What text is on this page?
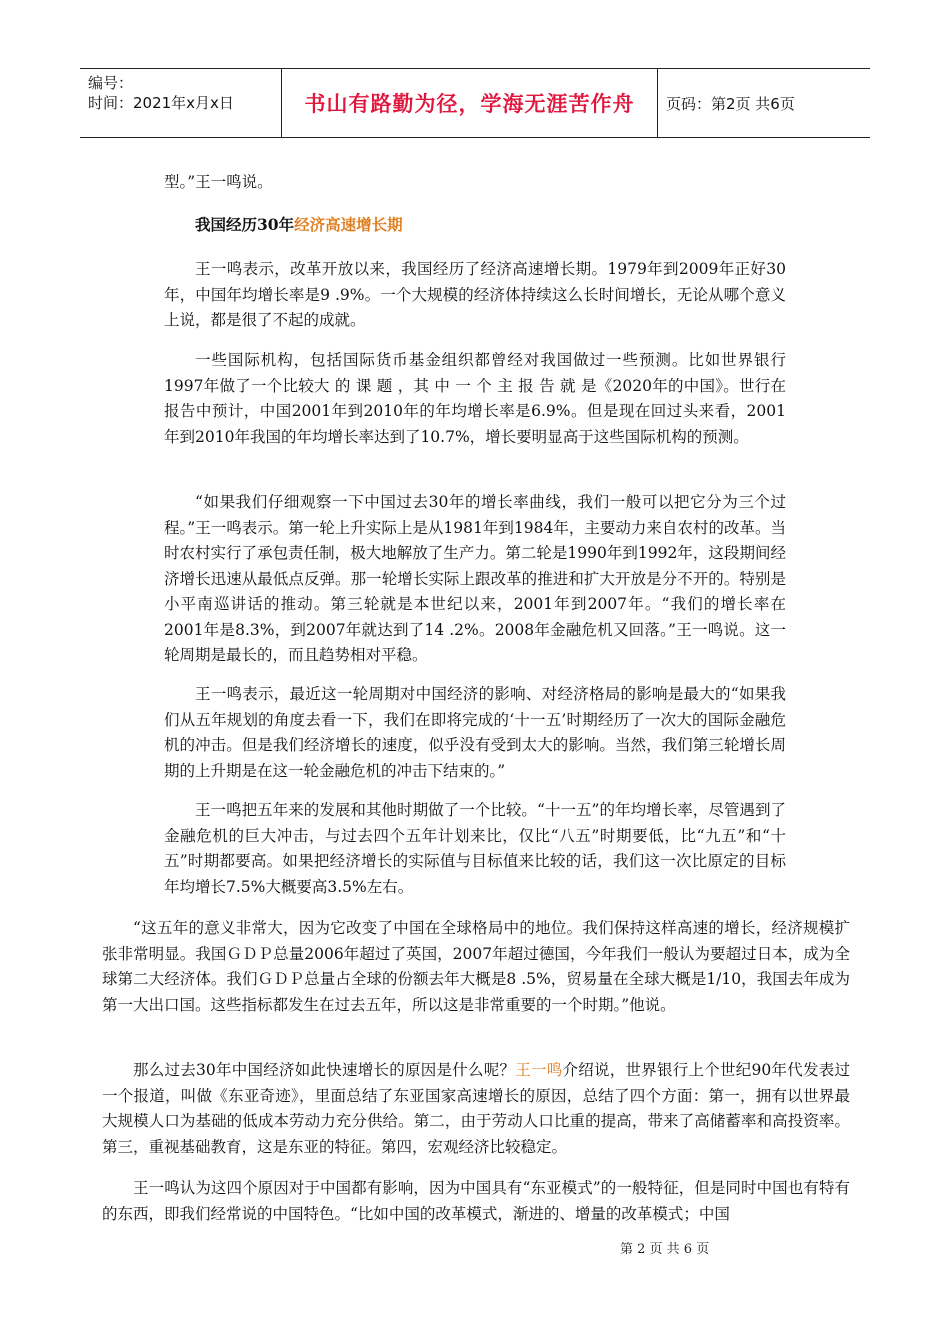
编号：
时间：2021年x月x日	书山有路勤为径，学海无涯苦作舟	页码：第2页 共6页

型。”王一鸣说。

我国经历30年经济高速增长期

王一鸣表示，改革开放以来，我国经历了经济高速增长期。1979年到2009年正好30年，中国年均增长率是9 .9%。一个大规模的经济体持续这么长时间增长，无论从哪个意义上说，都是很了不起的成就。

一些国际机构，包括国际货币基金组织都曾经对我国做过一些预测。比如世界银行1997年做了一个比较大 的 课 题 ，其 中 一 个 主 报 告 就 是《2020年的中国》。世行在报告中预计，中国2001年到2010年的年均增长率是6.9%。但是现在回过头来看，2001年到2010年我国的年均增长率达到了10.7%，增长要明显高于这些国际机构的预测。

“如果我们仔细观察一下中国过去30年的增长率曲线，我们一般可以把它分为三个过程。”王一鸣表示。第一轮上升实际上是从1981年到1984年，主要动力来自农村的改革。当时农村实行了承包责任制，极大地解放了生产力。第二轮是1990年到1992年，这段期间经济增长迅速从最低点反弹。那一轮增长实际上跟改革的推进和扩大开放是分不开的。特别是小平南巡讲话的推动。第三轮就是本世纪以来，2001年到2007年。“我们的增长率在2001年是8.3%，到2007年就达到了14 .2%。2008年金融危机又回落。”王一鸣说。这一轮周期是最长的，而且趋势相对平稳。

王一鸣表示，最近这一轮周期对中国经济的影响、对经济格局的影响是最大的“如果我们从五年规划的角度去看一下，我们在即将完成的‘十一五’时期经历了一次大的国际金融危机的冲击。但是我们经济增长的速度，似乎没有受到太大的影响。当然，我们第三轮增长周期的上升期是在这一轮金融危机的冲击下结束的。”

王一鸣把五年来的发展和其他时期做了一个比较。“十一五”的年均增长率，尽管遇到了金融危机的巨大冲击，与过去四个五年计划来比，仅比“八五”时期要低，比“九五”和“十五”时期都要高。如果把经济增长的实际值与目标值来比较的话，我们这一次比原定的目标年均增长7.5%大概要高3.5%左右。

“这五年的意义非常大，因为它改变了中国在全球格局中的地位。我们保持这样高速的增长，经济规模扩张非常明显。我国ＧＤＰ总量2006年超过了英国，2007年超过德国，今年我们一般认为要超过日本，成为全球第二大经济体。我们ＧＤＰ总量占全球的份额去年大概是8 .5%，贸易量在全球大概是1/10，我国去年成为第一大出口国。这些指标都发生在过去五年，所以这是非常重要的一个时期。”他说。

那么过去30年中国经济如此快速增长的原因是什么呢？王一鸣介绍说，世界银行上个世纪90年代发表过一个报道，叫做《东亚奇迹》，里面总结了东亚国家高速增长的原因，总结了四个方面：第一，拥有以世界最大规模人口为基础的低成本劳动力充分供给。第二，由于劳动人口比重的提高，带来了高储蓄率和高投资率。第三，重视基础教育，这是东亚的特征。第四，宏观经济比较稳定。

王一鸣认为这四个原因对于中国都有影响，因为中国具有“东亚模式”的一般特征，但是同时中国也有特有的东西，即我们经常说的中国特色。“比如中国的改革模式，渐进的、增量的改革模式；中国

第 2 页 共 6 页
